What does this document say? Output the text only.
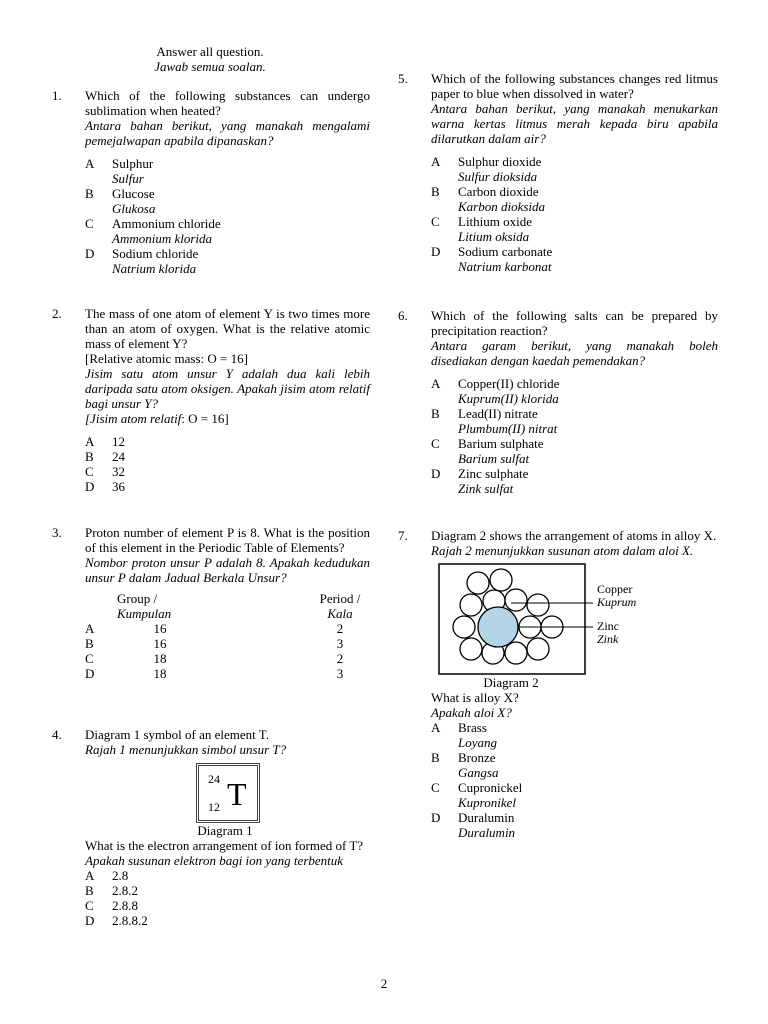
Answer all question.
Jawab semua soalan.
1.	Which of the following substances can undergo sublimation when heated?
Antara bahan berikut, yang manakah mengalami pemejalwapan apabila dipanaskan?
A	Sulphur
Sulfur
B	Glucose
Glukosa
C	Ammonium chloride
Ammonium klorida
D	Sodium chloride
Natrium klorida
2.	The mass of one atom of element Y is two times more than an atom of oxygen. What is the relative atomic mass of element Y?
[Relative atomic mass: O = 16]
Jisim satu atom unsur Y adalah dua kali lebih daripada satu atom oksigen. Apakah jisim atom relatif bagi unsur Y?
[Jisim atom relatif: O = 16]
A	12
B	24
C	32
D	36
3.	Proton number of element P is 8. What is the position of this element in the Periodic Table of Elements?
Nombor proton unsur P adalah 8. Apakah kedudukan unsur P dalam Jadual Berkala Unsur?
Group /
Kumpulan
Period /
Kala
A	16	2
B	16	3
C	18	2
D	18	3
4.	Diagram 1 symbol of an element T.
Rajah 1 menunjukkan simbol unsur T?
24
12 T
Diagram 1
What is the electron arrangement of ion formed of T?
Apakah susunan elektron bagi ion yang terbentuk
A	2.8
B	2.8.2
C	2.8.8
D	2.8.8.2
5.	Which of the following substances changes red litmus paper to blue when dissolved in water?
Antara bahan berikut, yang manakah menukarkan warna kertas litmus merah kepada biru apabila dilarutkan dalam air?
A	Sulphur dioxide
Sulfur dioksida
B	Carbon dioxide
Karbon dioksida
C	Lithium oxide
Litium oksida
D	Sodium carbonate
Natrium karbonat
6.	Which of the following salts can be prepared by precipitation reaction?
Antara garam berikut, yang manakah boleh disediakan dengan kaedah pemendakan?
A	Copper(II) chloride
Kuprum(II) klorida
B	Lead(II) nitrate
Plumbum(II) nitrat
C	Barium sulphate
Barium sulfat
D	Zinc sulphate
Zink sulfat
7.	Diagram 2 shows the arrangement of atoms in alloy X.
Rajah 2 menunjukkan susunan atom dalam aloi X.
Copper
Kuprum
Zinc
Zink
Diagram 2
What is alloy X?
Apakah aloi X?
A	Brass
Loyang
B	Bronze
Gangsa
C	Cupronickel
Kupronikel
D	Duralumin
Duralumin
2
